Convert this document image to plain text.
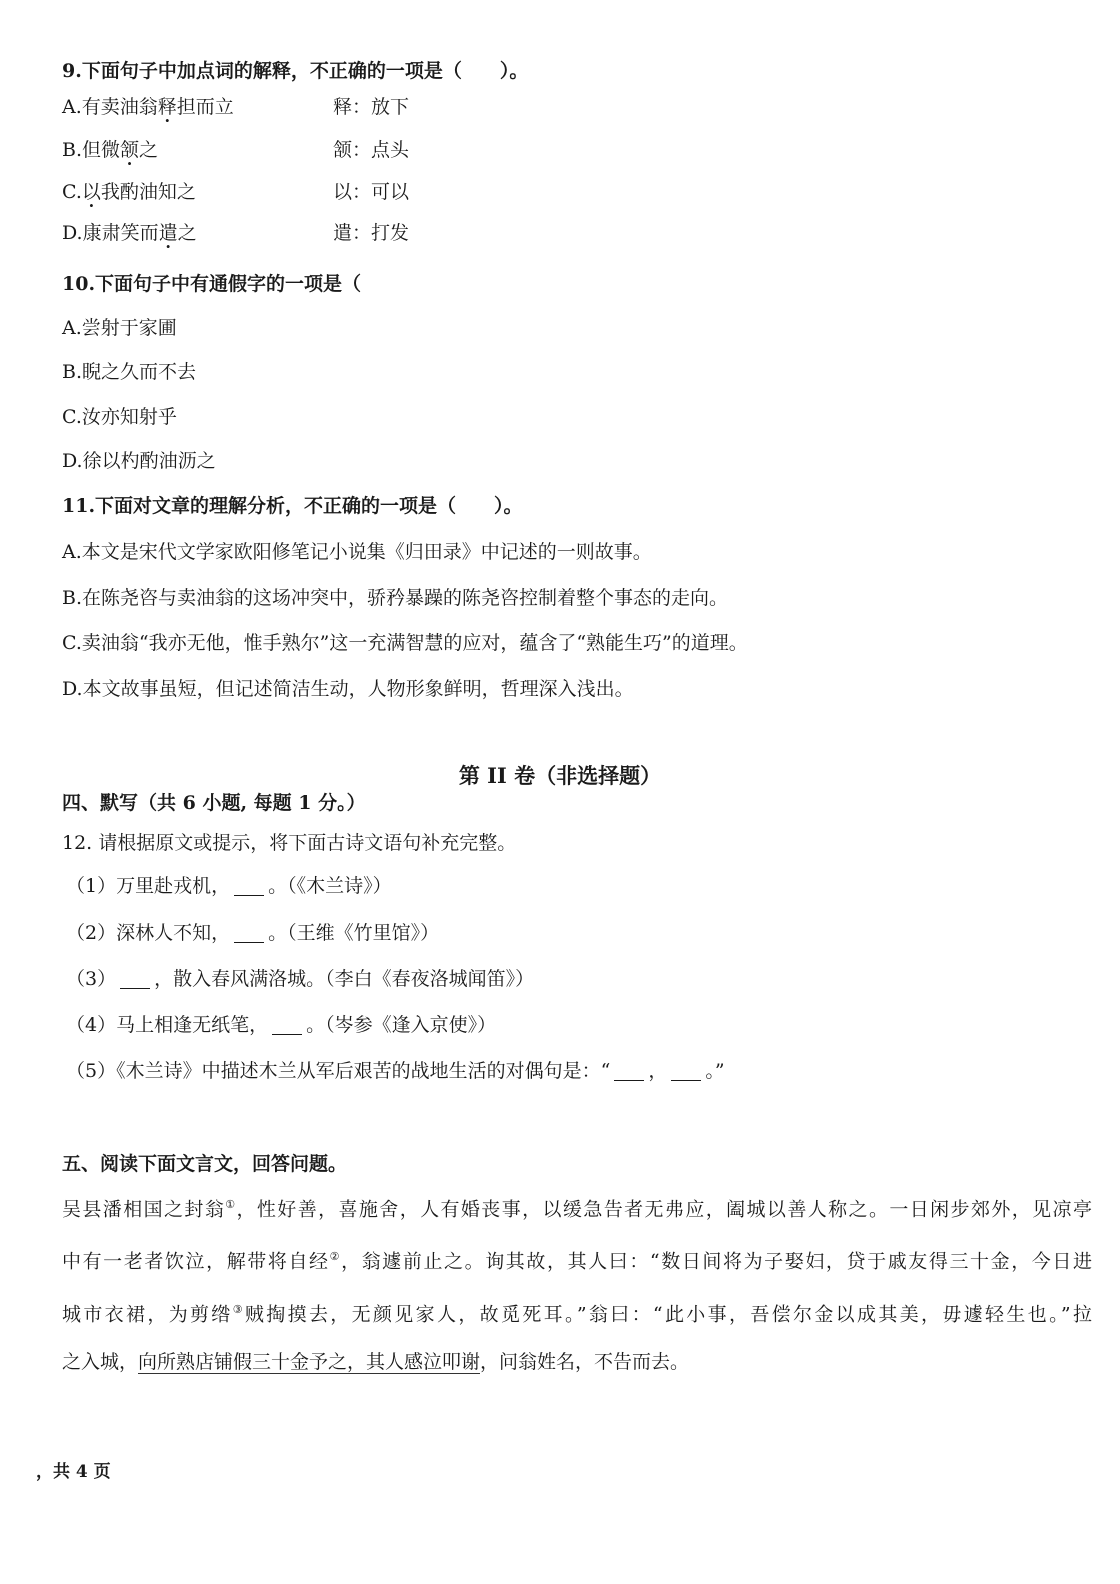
9.下面句子中加点词的解释，不正确的一项是（　　）。
A.有卖油翁释担而立	释：放下
B.但微颔之	颔：点头
C.以我酌油知之	以：可以
D.康肃笑而遣之	遣：打发
10.下面句子中有通假字的一项是（
A.尝射于家圃
B.睨之久而不去
C.汝亦知射乎
D.徐以杓酌油沥之
11.下面对文章的理解分析，不正确的一项是（　　）。
A.本文是宋代文学家欧阳修笔记小说集《归田录》中记述的一则故事。
B.在陈尧咨与卖油翁的这场冲突中，骄矜暴躁的陈尧咨控制着整个事态的走向。
C.卖油翁“我亦无他，惟手熟尔”这一充满智慧的应对，蕴含了“熟能生巧”的道理。
D.本文故事虽短，但记述简洁生动，人物形象鲜明，哲理深入浅出。
第 II 卷（非选择题）
四、默写（共 6 小题, 每题 1 分。）
12. 请根据原文或提示，将下面古诗文语句补充完整。
（1）万里赴戎机， 。（《木兰诗》）
（2）深林人不知， 。（王维《竹里馆》）
（3） ，散入春风满洛城。（李白《春夜洛城闻笛》）
（4）马上相逢无纸笔， 。（岑参《逢入京使》）
（5）《木兰诗》中描述木兰从军后艰苦的战地生活的对偶句是：“ ， 。”
五、阅读下面文言文，回答问题。
吴县潘相国之封翁①，性好善，喜施舍，人有婚丧事，以缓急告者无弗应，阖城以善人称之。一日闲步郊外，见凉亭
中有一老者饮泣，解带将自经②，翁遽前止之。询其故，其人曰：“数日间将为子娶妇，贷于戚友得三十金，今日进
城市衣裙，为剪绺③贼掏摸去，无颜见家人，故觅死耳。”翁曰：“此小事，吾偿尔金以成其美，毋遽轻生也。”拉
之入城，向所熟店铺假三十金予之，其人感泣叩谢，问翁姓名，不告而去。
，共 4 页
